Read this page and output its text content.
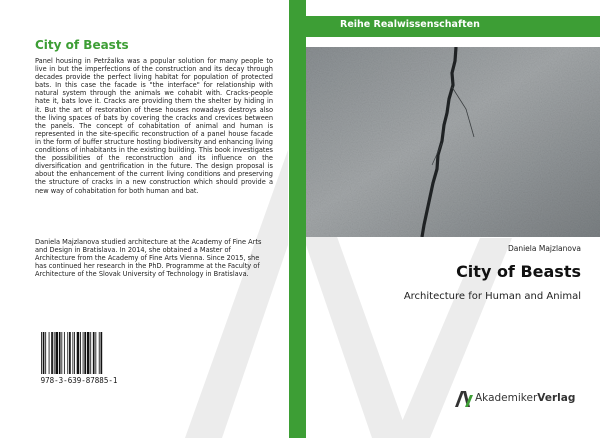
City of Beasts

Panel housing in Petržalka was a popular solution for many people to live in but the imperfections of the construction and its decay through decades provide the perfect living habitat for population of protected bats. In this case the facade is "the interface" for relationship with natural system through the animals we cohabit with. Cracks-people hate it, bats love it. Cracks are providing them the shelter by hiding in it. But the art of restoration of these houses nowadays destroys also the living spaces of bats by covering the cracks and crevices between the panels. The concept of cohabitation of animal and human is represented in the site-specific reconstruction of a panel house facade in the form of buffer structure hosting biodiversity and enhancing living conditions of inhabitants in the existing building. This book investigates the possibilities of the reconstruction and its influence on the diversification and gentrification in the future. The design proposal is about the enhancement of the current living conditions and preserving the structure of cracks in a new construction which should provide a new way of cohabitation for both human and bat.

Daniela Majzlanova studied architecture at the Academy of Fine Arts and Design in Bratislava. In 2014, she obtained a Master of Architecture from the Academy of Fine Arts Vienna. Since 2015, she has continued her research in the PhD. Programme at the Faculty of Architecture of the Slovak University of Technology in Bratislava.

978-3-639-87885-1
Reihe Realwissenschaften
Daniela Majzlanova
City of Beasts
Architecture for Human and Animal
AkademikerVerlag
